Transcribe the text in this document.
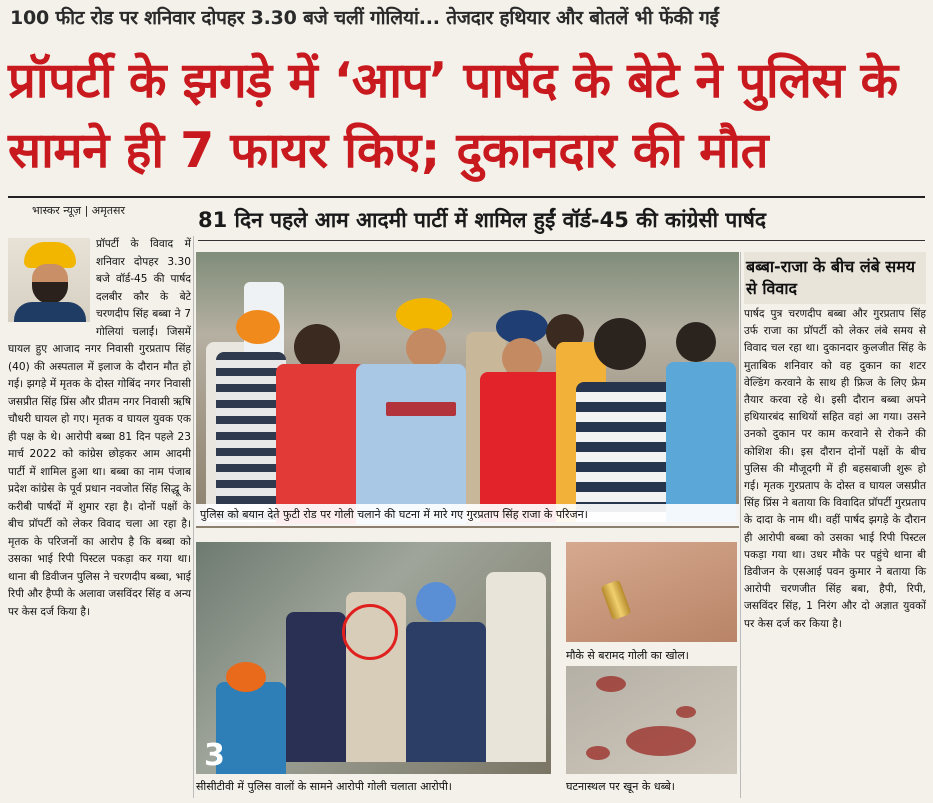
100 फीट रोड पर शनिवार दोपहर 3.30 बजे चलीं गोलियां... तेजदार हथियार और बोतलें भी फेंकी गईं
प्रॉपर्टी के झगड़े में ‘आप’ पार्षद के बेटे ने पुलिस के सामने ही 7 फायर किए; दुकानदार की मौत
भास्कर न्यूज़ | अमृतसर	81 दिन पहले आम आदमी पार्टी में शामिल हुईं वॉर्ड-45 की कांग्रेसी पार्षद
प्रॉपर्टी के विवाद में शनिवार दोपहर 3.30 बजे वॉर्ड-45 की पार्षद दलबीर कौर के बेटे चरणदीप सिंह बब्बा ने 7 गोलियां चलाईं। जिसमें घायल हुए आजाद नगर निवासी गुरप्रताप सिंह (40) की अस्पताल में इलाज के दौरान मौत हो गई। झगड़े में मृतक के दोस्त गोबिंद नगर निवासी जसप्रीत सिंह प्रिंस और प्रीतम नगर निवासी ऋषि चौधरी घायल हो गए। मृतक व घायल युवक एक ही पक्ष के थे। आरोपी बब्बा 81 दिन पहले 23 मार्च 2022 को कांग्रेस छोड़कर आम आदमी पार्टी में शामिल हुआ था। बब्बा का नाम पंजाब प्रदेश कांग्रेस के पूर्व प्रधान नवजोत सिंह सिद्धू के करीबी पार्षदों में शुमार रहा है। दोनों पक्षों के बीच प्रॉपर्टी को लेकर विवाद चला आ रहा है। मृतक के परिजनों का आरोप है कि बब्बा को उसका भाई रिपी पिस्टल पकड़ा कर गया था। थाना बी डिवीजन पुलिस ने चरणदीप बब्बा, भाई रिपी और हैप्पी के अलावा जसविंदर सिंह व अन्य पर केस दर्ज किया है।
पुलिस को बयान देते फुटी रोड पर गोली चलाने की घटना में मारे गए गुरप्रताप सिंह राजा के परिजन।
3
सीसीटीवी में पुलिस वालों के सामने आरोपी गोली चलाता आरोपी।
मौके से बरामद गोली का खोल।
घटनास्थल पर खून के धब्बे।
बब्बा-राजा के बीच लंबे समय से विवाद
पार्षद पुत्र चरणदीप बब्बा और गुरप्रताप सिंह उर्फ राजा का प्रॉपर्टी को लेकर लंबे समय से विवाद चल रहा था। दुकानदार कुलजीत सिंह के मुताबिक शनिवार को वह दुकान का शटर वेल्डिंग करवाने के साथ ही फ्रिज के लिए फ्रेम तैयार करवा रहे थे। इसी दौरान बब्बा अपने हथियारबंद साथियों सहित वहां आ गया। उसने उनको दुकान पर काम करवाने से रोकने की कोशिश की। इस दौरान दोनों पक्षों के बीच पुलिस की मौजूदगी में ही बहसबाजी शुरू हो गई। मृतक गुरप्रताप के दोस्त व घायल जसप्रीत सिंह प्रिंस ने बताया कि विवादित प्रॉपर्टी गुरप्रताप के दादा के नाम थी। वहीं पार्षद झगड़े के दौरान ही आरोपी बब्बा को उसका भाई रिपी पिस्टल पकड़ा गया था। उधर मौके पर पहुंचे थाना बी डिवीजन के एसआई पवन कुमार ने बताया कि आरोपी चरणजीत सिंह बबा, हैपी, रिपी, जसविंदर सिंह, 1 निरंग और दो अज्ञात युवकों पर केस दर्ज कर किया है।
